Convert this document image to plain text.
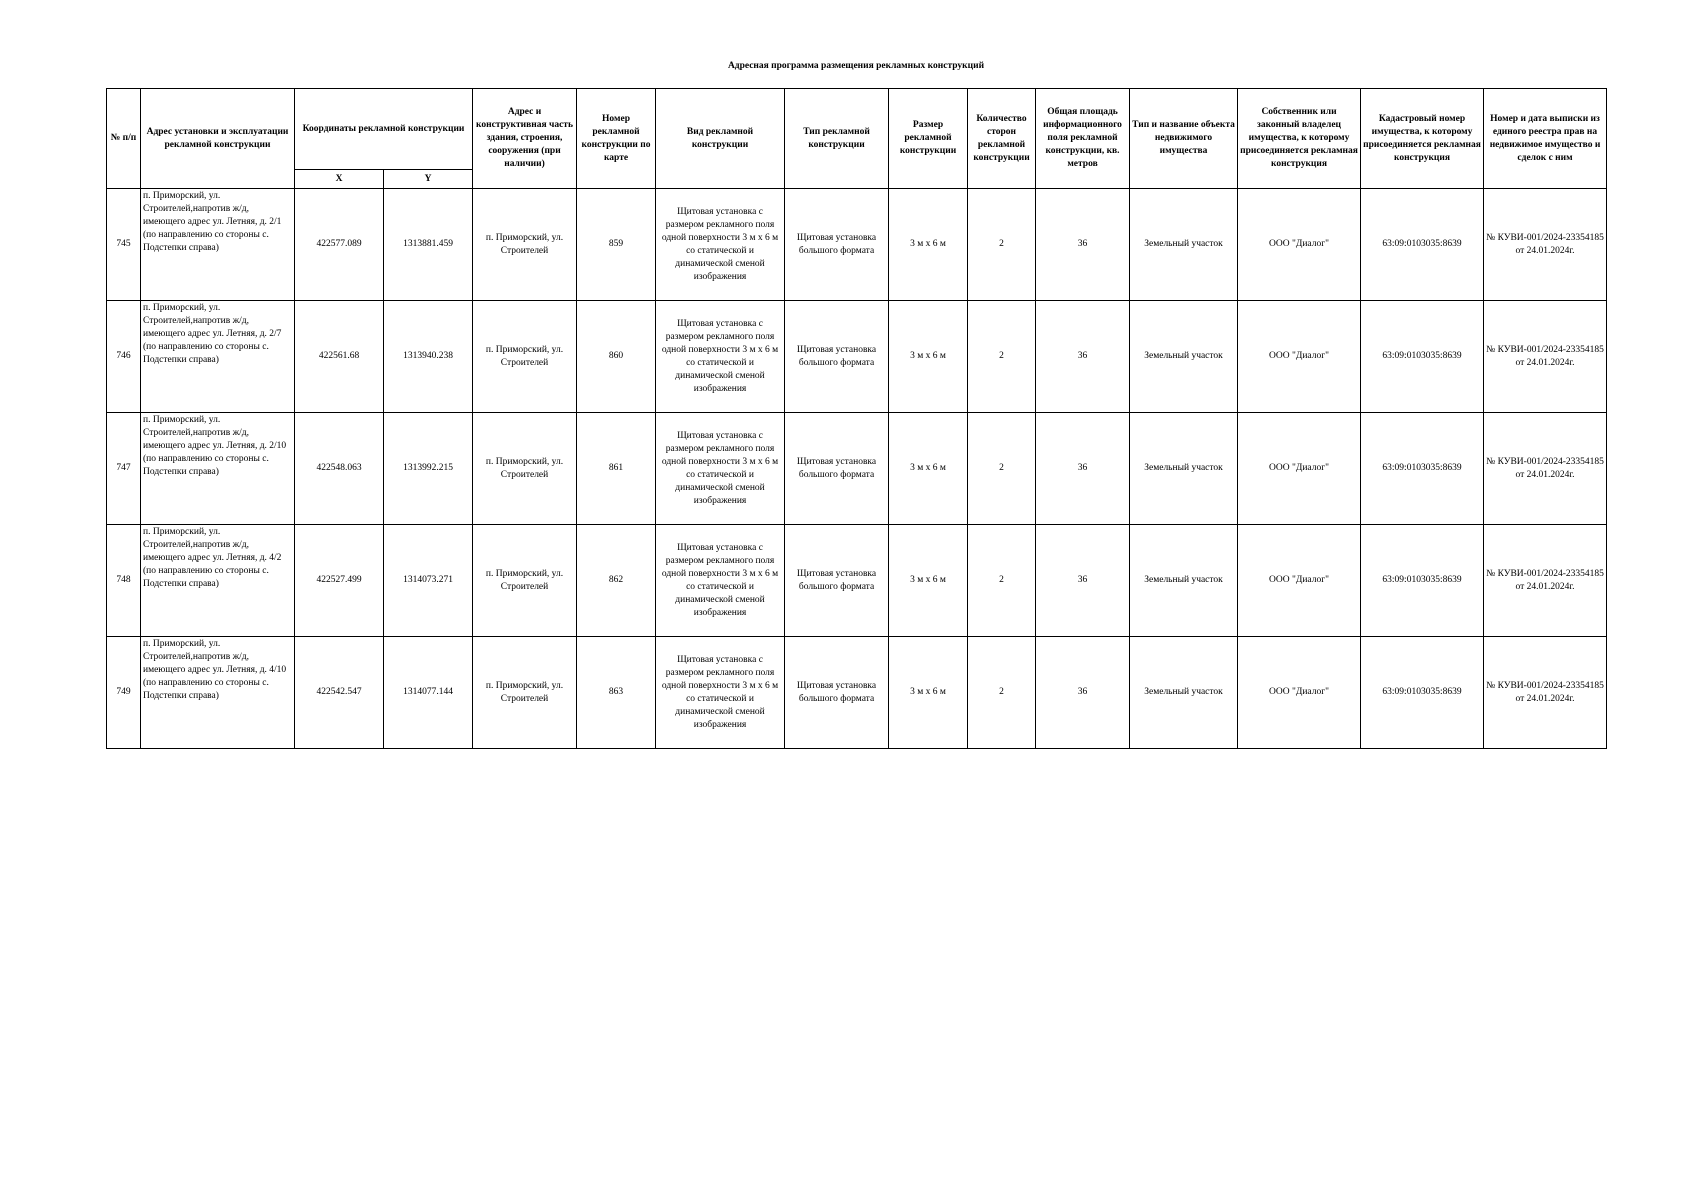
Адресная программа размещения рекламных конструкций
№ п/п	Адрес установки и эксплуатации рекламной конструкции	Координаты рекламной конструкции		Адрес и конструктивная часть здания, строения, сооружения (при наличии)	Номер рекламной конструкции по карте	Вид рекламной конструкции	Тип рекламной конструкции	Размер рекламной конструкции	Количество сторон рекламной конструкции	Общая площадь информационного поля рекламной конструкции, кв. метров	Тип и название объекта недвижимого имущества	Собственник или законный владелец имущества, к которому присоединяется рекламная конструкция	Кадастровый номер имущества, к которому присоединяется рекламная конструкция	Номер и дата выписки из единого реестра прав на недвижимое имущество и сделок с ним
		X	Y											
745	п. Приморский, ул. Строителей,напротив ж/д, имеющего адрес ул. Летняя, д. 2/1 (по направлению со стороны с. Подстепки справа)	422577.089	1313881.459	п. Приморский, ул. Строителей	859	Щитовая установка с размером рекламного поля одной поверхности 3 м х 6 м со статической и динамической сменой изображения	Щитовая установка большого формата	3 м х 6 м	2	36	Земельный участок	ООО "Диалог"	63:09:0103035:8639	№ КУВИ-001/2024-23354185 от 24.01.2024г.
746	п. Приморский, ул. Строителей,напротив ж/д, имеющего адрес ул. Летняя, д. 2/7 (по направлению со стороны с. Подстепки справа)	422561.68	1313940.238	п. Приморский, ул. Строителей	860	Щитовая установка с размером рекламного поля одной поверхности 3 м х 6 м со статической и динамической сменой изображения	Щитовая установка большого формата	3 м х 6 м	2	36	Земельный участок	ООО "Диалог"	63:09:0103035:8639	№ КУВИ-001/2024-23354185 от 24.01.2024г.
747	п. Приморский, ул. Строителей,напротив ж/д, имеющего адрес ул. Летняя, д. 2/10 (по направлению со стороны с. Подстепки справа)	422548.063	1313992.215	п. Приморский, ул. Строителей	861	Щитовая установка с размером рекламного поля одной поверхности 3 м х 6 м со статической и динамической сменой изображения	Щитовая установка большого формата	3 м х 6 м	2	36	Земельный участок	ООО "Диалог"	63:09:0103035:8639	№ КУВИ-001/2024-23354185 от 24.01.2024г.
748	п. Приморский, ул. Строителей,напротив ж/д, имеющего адрес ул. Летняя, д. 4/2 (по направлению со стороны с. Подстепки справа)	422527.499	1314073.271	п. Приморский, ул. Строителей	862	Щитовая установка с размером рекламного поля одной поверхности 3 м х 6 м со статической и динамической сменой изображения	Щитовая установка большого формата	3 м х 6 м	2	36	Земельный участок	ООО "Диалог"	63:09:0103035:8639	№ КУВИ-001/2024-23354185 от 24.01.2024г.
749	п. Приморский, ул. Строителей,напротив ж/д, имеющего адрес ул. Летняя, д. 4/10 (по направлению со стороны с. Подстепки справа)	422542.547	1314077.144	п. Приморский, ул. Строителей	863	Щитовая установка с размером рекламного поля одной поверхности 3 м х 6 м со статической и динамической сменой изображения	Щитовая установка большого формата	3 м х 6 м	2	36	Земельный участок	ООО "Диалог"	63:09:0103035:8639	№ КУВИ-001/2024-23354185 от 24.01.2024г.
